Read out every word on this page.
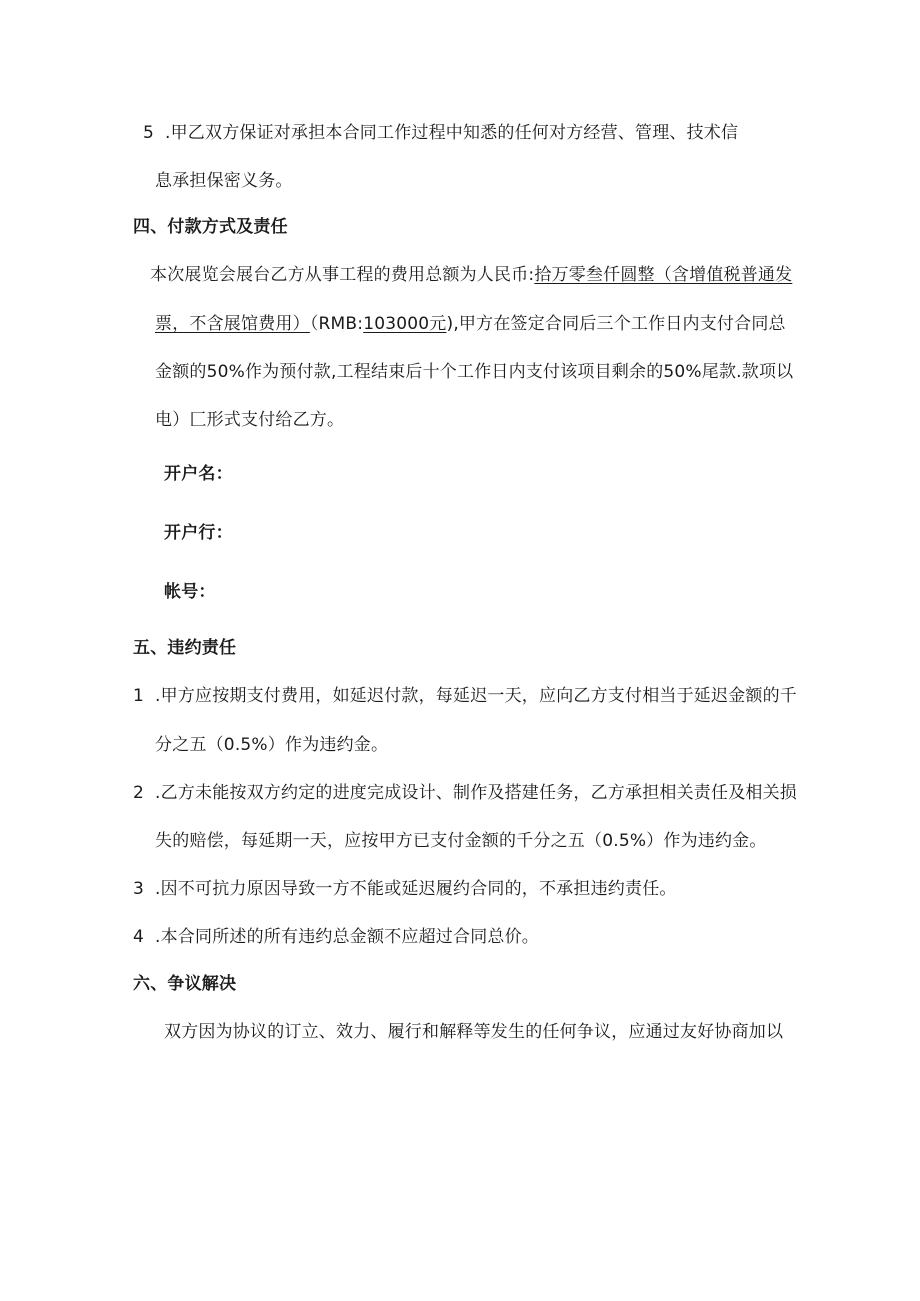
5 .甲乙双方保证对承担本合同工作过程中知悉的任何对方经营、管理、技术信
息承担保密义务。
四、付款方式及责任
本次展览会展台乙方从事工程的费用总额为人民币:拾万零叁仟圆整（含增值税普通发
票，不含展馆费用）（RMB:103000元),甲方在签定合同后三个工作日内支付合同总
金额的50%作为预付款,工程结束后十个工作日内支付该项目剩余的50%尾款.款项以
电）匚形式支付给乙方。
开户名：
开户行：
帐号：
五、违约责任
1 .甲方应按期支付费用，如延迟付款，每延迟一天，应向乙方支付相当于延迟金额的千
分之五（0.5%）作为违约金。
2 .乙方未能按双方约定的进度完成设计、制作及搭建任务，乙方承担相关责任及相关损
失的赔偿，每延期一天，应按甲方已支付金额的千分之五（0.5%）作为违约金。
3 .因不可抗力原因导致一方不能或延迟履约合同的，不承担违约责任。
4 .本合同所述的所有违约总金额不应超过合同总价。
六、争议解决
双方因为协议的订立、效力、履行和解释等发生的任何争议，应通过友好协商加以
